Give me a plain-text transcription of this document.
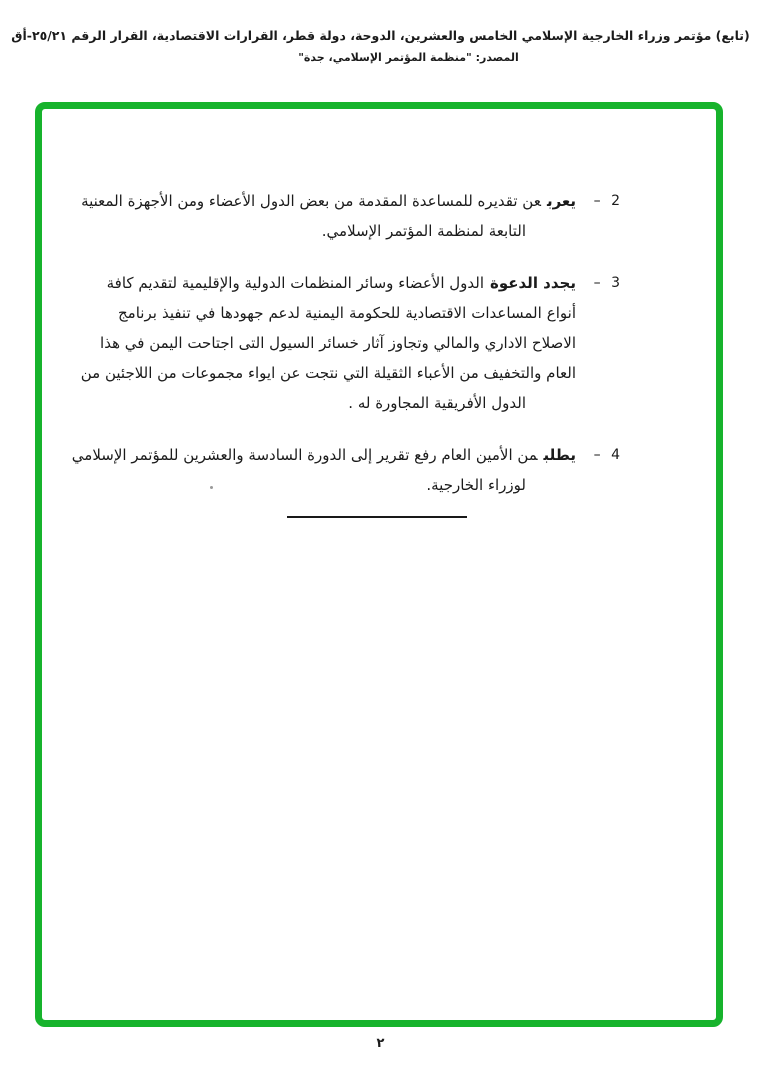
(تابع) مؤتمر وزراء الخارجية الإسلامي الخامس والعشرين، الدوحة، دولة قطر، القرارات الاقتصادية، القرار الرقم ٢٥/٢١-أق
المصدر: "منظمة المؤتمر الإسلامي، جدة"
2 –
يعربعن تقديره للمساعدة المقدمة من بعض الدول الأعضاء ومن الأجهزة المعنية
التابعة لمنظمة المؤتمر الإسلامي.
3 –
يجدد الدعوةالدول الأعضاء وسائر المنظمات الدولية والإقليمية لتقديم كافة
أنواع المساعدات الاقتصادية للحكومة اليمنية لدعم جهودها في تنفيذ برنامج
الاصلاح الاداري والمالي وتجاوز آثار خسائر السيول التى اجتاحت اليمن في هذا
العام والتخفيف من الأعباء الثقيلة التي نتجت عن ايواء مجموعات من اللاجئين من
الدول الأفريقية المجاورة له .
4 –
يطلبمن الأمين العام رفع تقرير إلى الدورة السادسة والعشرين للمؤتمر الإسلامي
لوزراء الخارجية.
٢
